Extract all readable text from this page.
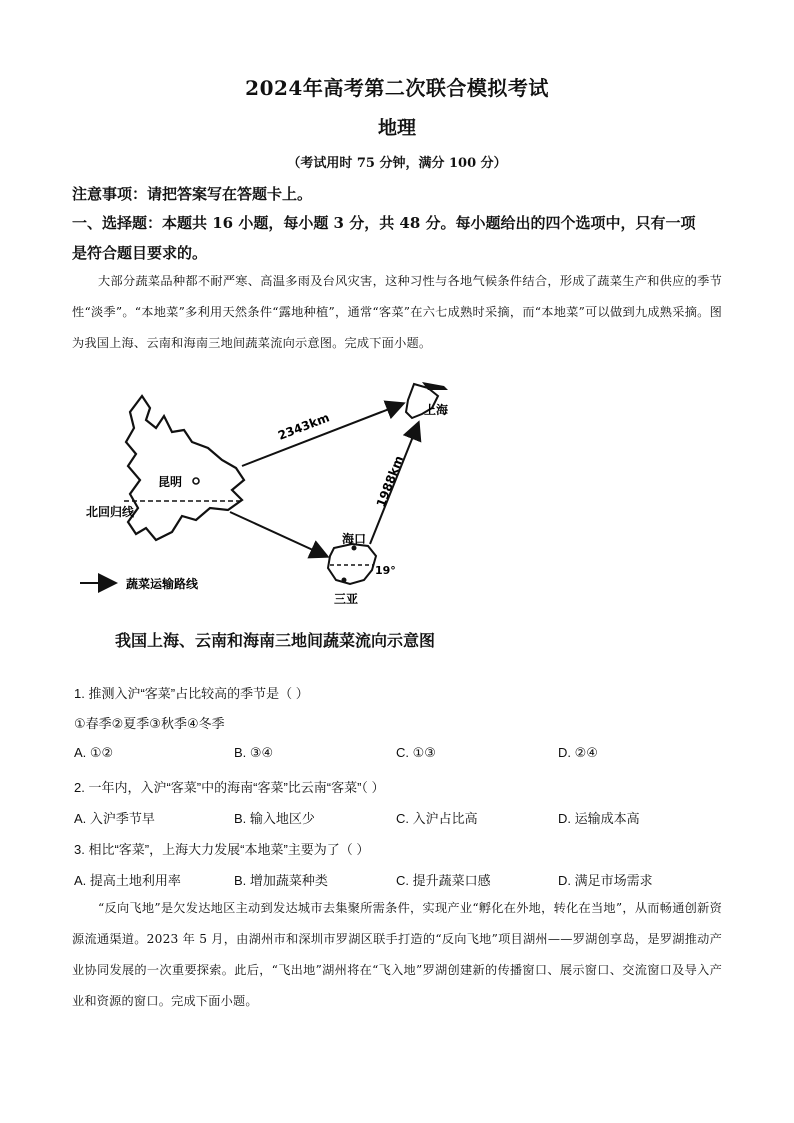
2024年高考第二次联合模拟考试
地理
（考试用时 75 分钟，满分 100 分）
注意事项：请把答案写在答题卡上。
一、选择题：本题共 16 小题，每小题 3 分，共 48 分。每小题给出的四个选项中，只有一项
是符合题目要求的。
大部分蔬菜品种都不耐严寒、高温多雨及台风灾害，这种习性与各地气候条件结合，形成了蔬菜生产和供应的季节性“淡季”。“本地菜”多利用天然条件“露地种植”，通常“客菜”在六七成熟时采摘，而“本地菜”可以做到九成熟采摘。图为我国上海、云南和海南三地间蔬菜流向示意图。完成下面小题。
昆明
北回归线
上海
海口
19°
三亚
2343km
1988km
蔬菜运输路线
我国上海、云南和海南三地间蔬菜流向示意图
1. 推测入沪“客菜”占比较高的季节是（ ）
①春季②夏季③秋季④冬季
A. ①②	B. ③④	C. ①③	D. ②④
2. 一年内，入沪“客菜”中的海南“客菜”比云南“客菜”（ ）
A. 入沪季节早	B. 输入地区少	C. 入沪占比高	D. 运输成本高
3. 相比“客菜”，上海大力发展“本地菜”主要为了（ ）
A. 提高土地利用率	B. 增加蔬菜种类	C. 提升蔬菜口感	D. 满足市场需求
“反向飞地”是欠发达地区主动到发达城市去集聚所需条件，实现产业“孵化在外地，转化在当地”，从而畅通创新资源流通渠道。2023 年 5 月，由湖州市和深圳市罗湖区联手打造的“反向飞地”项目湖州——罗湖创享岛，是罗湖推动产业协同发展的一次重要探索。此后，“飞出地”湖州将在“飞入地”罗湖创建新的传播窗口、展示窗口、交流窗口及导入产业和资源的窗口。完成下面小题。
